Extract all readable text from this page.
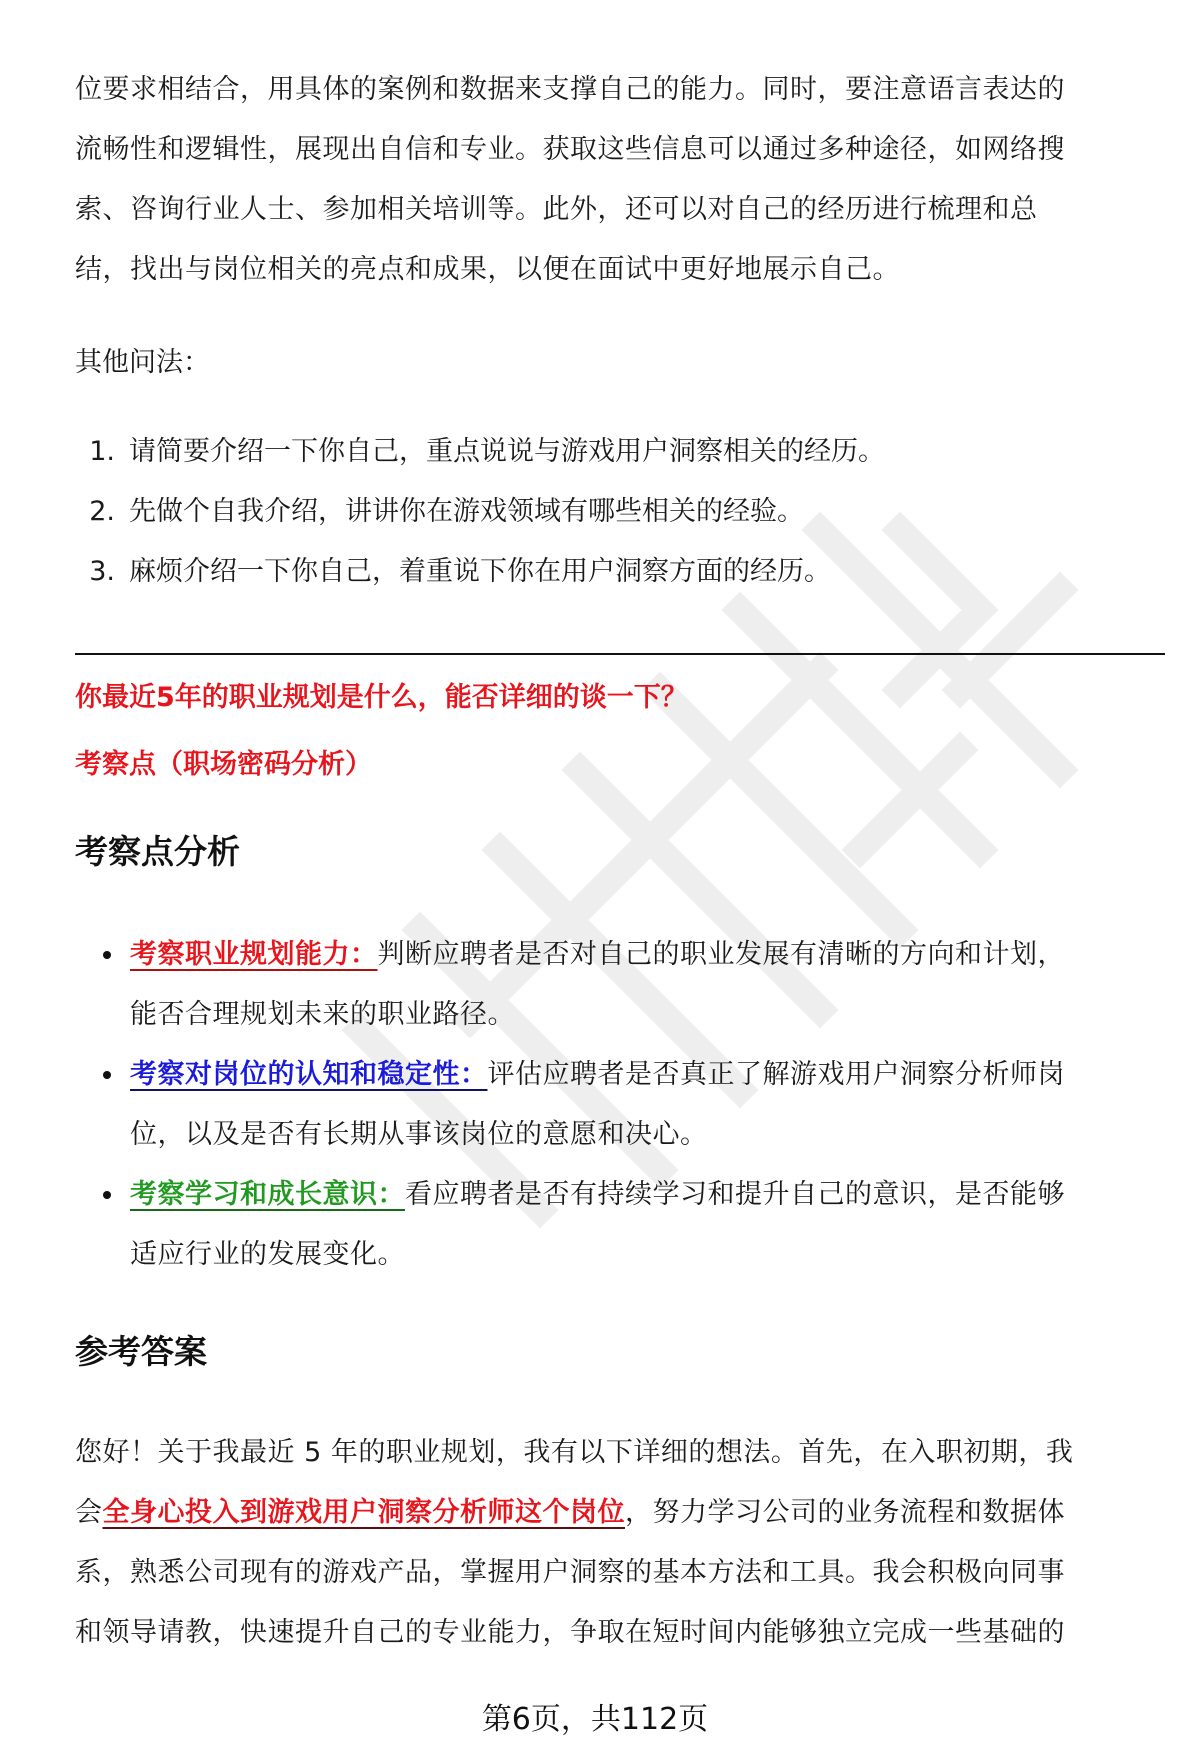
位要求相结合，用具体的案例和数据来支撑自己的能力。同时，要注意语言表达的
流畅性和逻辑性，展现出自信和专业。获取这些信息可以通过多种途径，如网络搜
索、咨询行业人士、参加相关培训等。此外，还可以对自己的经历进行梳理和总
结，找出与岗位相关的亮点和成果，以便在面试中更好地展示自己。
其他问法：
1. 请简要介绍一下你自己，重点说说与游戏用户洞察相关的经历。
2. 先做个自我介绍，讲讲你在游戏领域有哪些相关的经验。
3. 麻烦介绍一下你自己，着重说下你在用户洞察方面的经历。
你最近5年的职业规划是什么，能否详细的谈一下？
考察点（职场密码分析）
考察点分析
考察职业规划能力：判断应聘者是否对自己的职业发展有清晰的方向和计划，
能否合理规划未来的职业路径。
考察对岗位的认知和稳定性：评估应聘者是否真正了解游戏用户洞察分析师岗
位，以及是否有长期从事该岗位的意愿和决心。
考察学习和成长意识：看应聘者是否有持续学习和提升自己的意识，是否能够
适应行业的发展变化。
参考答案
您好！关于我最近 5 年的职业规划，我有以下详细的想法。首先，在入职初期，我
会全身心投入到游戏用户洞察分析师这个岗位，努力学习公司的业务流程和数据体
系，熟悉公司现有的游戏产品，掌握用户洞察的基本方法和工具。我会积极向同事
和领导请教，快速提升自己的专业能力，争取在短时间内能够独立完成一些基础的
第6页，共112页
